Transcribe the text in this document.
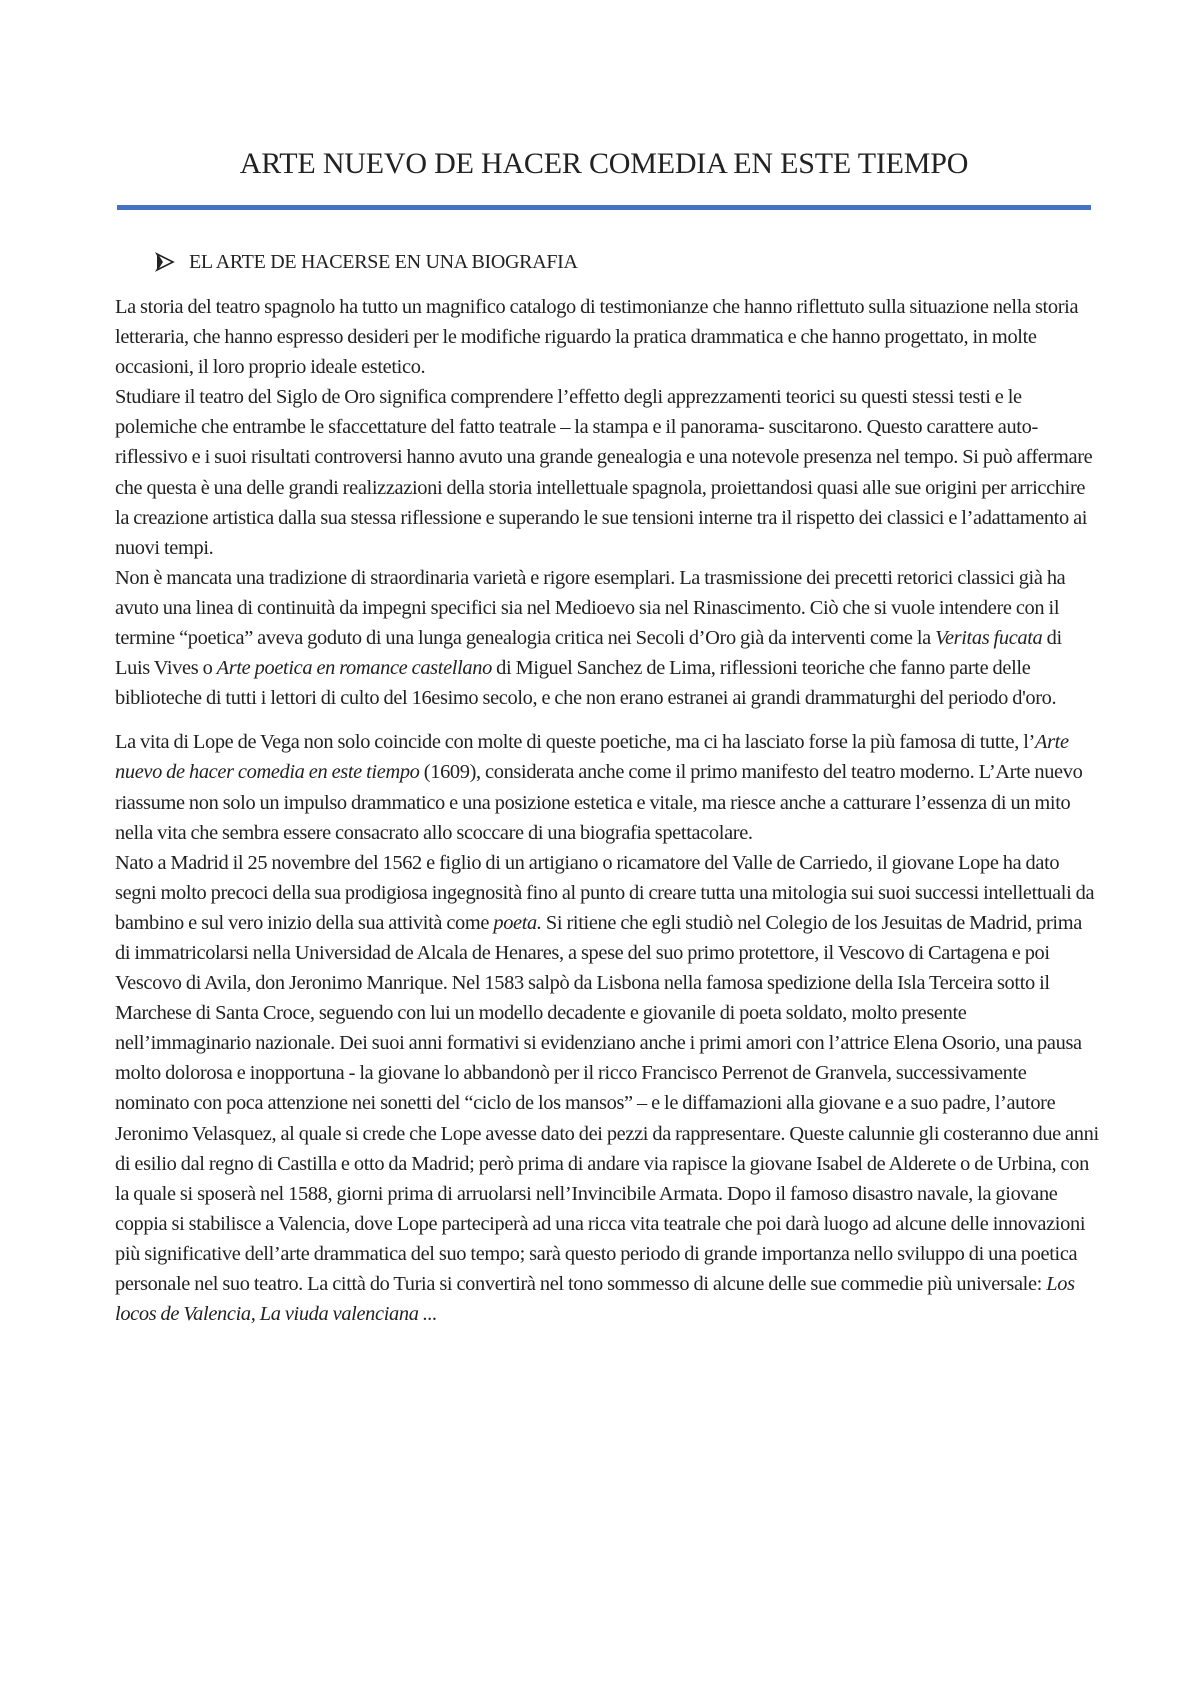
ARTE NUEVO DE HACER COMEDIA EN ESTE TIEMPO
EL ARTE DE HACERSE EN UNA BIOGRAFIA

La storia del teatro spagnolo ha tutto un magnifico catalogo di testimonianze che hanno riflettuto sulla situazione nella storia letteraria, che hanno espresso desideri per le modifiche riguardo la pratica drammatica e che hanno progettato, in molte occasioni, il loro proprio ideale estetico.

Studiare il teatro del Siglo de Oro significa comprendere l’effetto degli apprezzamenti teorici su questi stessi testi e le polemiche che entrambe le sfaccettature del fatto teatrale – la stampa e il panorama- suscitarono. Questo carattere auto-riflessivo e i suoi risultati controversi hanno avuto una grande genealogia e una notevole presenza nel tempo. Si può affermare che questa è una delle grandi realizzazioni della storia intellettuale spagnola, proiettandosi quasi alle sue origini per arricchire la creazione artistica dalla sua stessa riflessione e superando le sue tensioni interne tra il rispetto dei classici e l’adattamento ai nuovi tempi.

Non è mancata una tradizione di straordinaria varietà e rigore esemplari. La trasmissione dei precetti retorici classici già ha avuto una linea di continuità da impegni specifici sia nel Medioevo sia nel Rinascimento. Ciò che si vuole intendere con il termine “poetica” aveva goduto di una lunga genealogia critica nei Secoli d’Oro già da interventi come la Veritas fucata di Luis Vives o Arte poetica en romance castellano di Miguel Sanchez de Lima, riflessioni teoriche che fanno parte delle biblioteche di tutti i lettori di culto del 16esimo secolo, e che non erano estranei ai grandi drammaturghi del periodo d'oro.

La vita di Lope de Vega non solo coincide con molte di queste poetiche, ma ci ha lasciato forse la più famosa di tutte, l’Arte nuevo de hacer comedia en este tiempo (1609), considerata anche come il primo manifesto del teatro moderno. L’Arte nuevo riassume non solo un impulso drammatico e una posizione estetica e vitale, ma riesce anche a catturare l’essenza di un mito nella vita che sembra essere consacrato allo scoccare di una biografia spettacolare.

Nato a Madrid il 25 novembre del 1562 e figlio di un artigiano o ricamatore del Valle de Carriedo, il giovane Lope ha dato segni molto precoci della sua prodigiosa ingegnosità fino al punto di creare tutta una mitologia sui suoi successi intellettuali da bambino e sul vero inizio della sua attività come poeta. Si ritiene che egli studiò nel Colegio de los Jesuitas de Madrid, prima di immatricolarsi nella Universidad de Alcala de Henares, a spese del suo primo protettore, il Vescovo di Cartagena e poi Vescovo di Avila, don Jeronimo Manrique. Nel 1583 salpò da Lisbona nella famosa spedizione della Isla Terceira sotto il Marchese di Santa Croce, seguendo con lui un modello decadente e giovanile di poeta soldato, molto presente nell’immaginario nazionale. Dei suoi anni formativi si evidenziano anche i primi amori con l’attrice Elena Osorio, una pausa molto dolorosa e inopportuna - la giovane lo abbandonò per il ricco Francisco Perrenot de Granvela, successivamente nominato con poca attenzione nei sonetti del “ciclo de los mansos” – e le diffamazioni alla giovane e a suo padre, l’autore Jeronimo Velasquez, al quale si crede che Lope avesse dato dei pezzi da rappresentare. Queste calunnie gli costeranno due anni di esilio dal regno di Castilla e otto da Madrid; però prima di andare via rapisce la giovane Isabel de Alderete o de Urbina, con la quale si sposerà nel 1588, giorni prima di arruolarsi nell’Invincibile Armata. Dopo il famoso disastro navale, la giovane coppia si stabilisce a Valencia, dove Lope parteciperà ad una ricca vita teatrale che poi darà luogo ad alcune delle innovazioni più significative dell’arte drammatica del suo tempo; sarà questo periodo di grande importanza nello sviluppo di una poetica personale nel suo teatro. La città do Turia si convertirà nel tono sommesso di alcune delle sue commedie più universale: Los locos de Valencia, La viuda valenciana ...
